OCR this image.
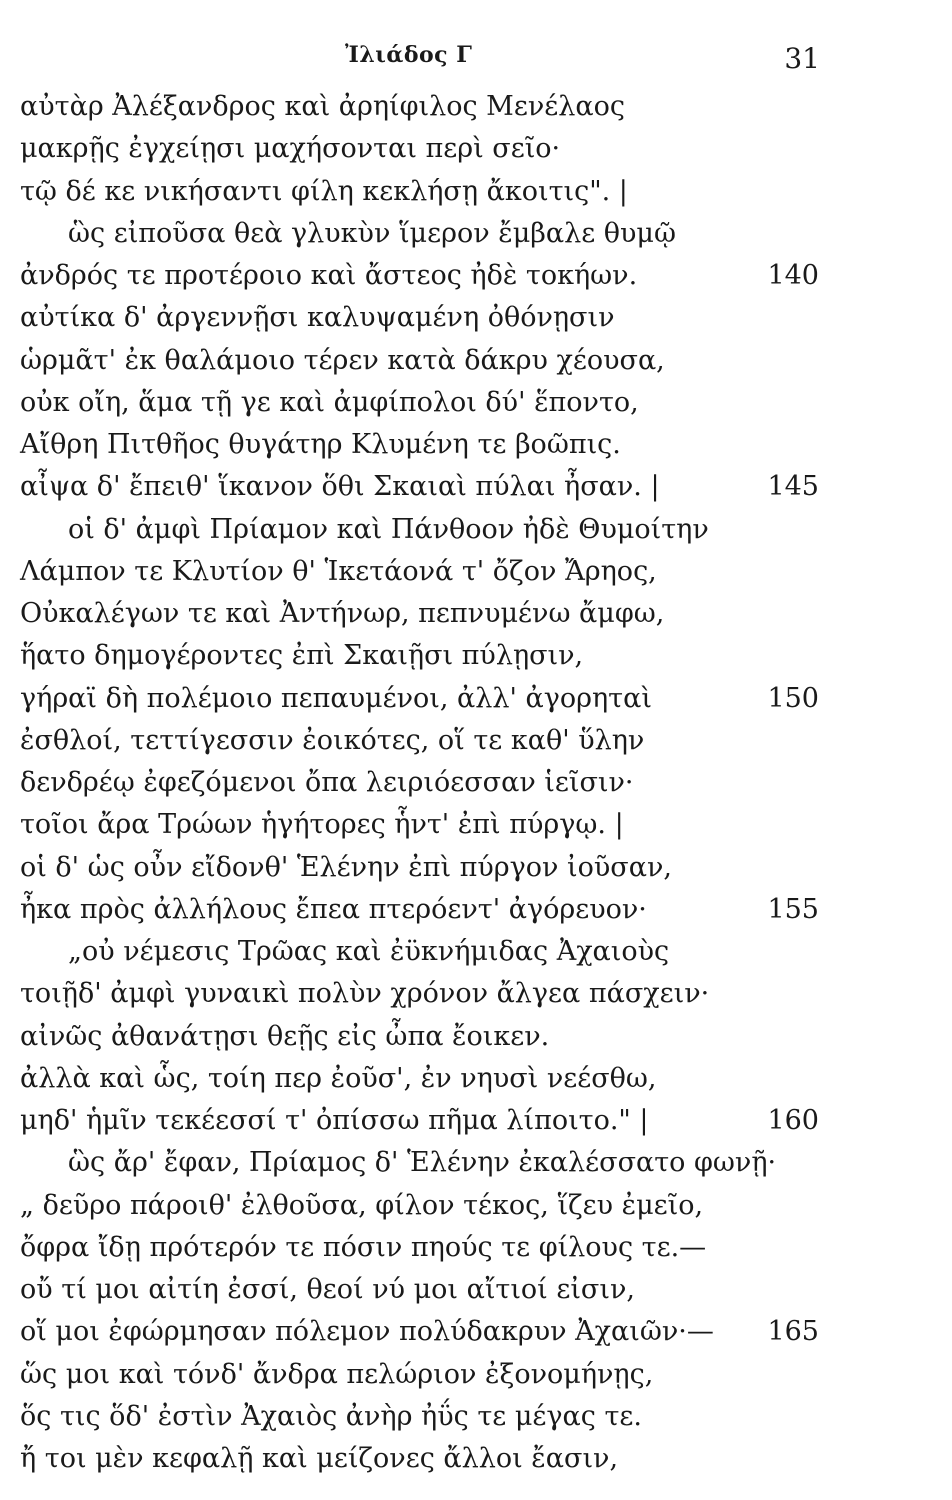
Ἰλιάδος Γ	31
αὐτὰρ Ἀλέξανδρος καὶ ἀρηίφιλος Μενέλαος
μακρῇς ἐγχείῃσι μαχήσονται περὶ σεῖο·
τῷ δέ κε νικήσαντι φίλη κεκλήσῃ ἄκοιτις". |
ὣς εἰποῦσα θεὰ γλυκὺν ἵμερον ἔμβαλε θυμῷ
ἀνδρός τε προτέροιο καὶ ἄστεος ἠδὲ τοκήων.	140
αὐτίκα δ' ἀργεννῇσι καλυψαμένη ὀθόνῃσιν
ὡρμᾶτ' ἐκ θαλάμοιο τέρεν κατὰ δάκρυ χέουσα,
οὐκ οἴη, ἅμα τῇ γε καὶ ἀμφίπολοι δύ' ἕποντο,
Αἴθρη Πιτθῆος θυγάτηρ Κλυμένη τε βοῶπις.
αἶψα δ' ἔπειθ' ἵκανον ὅθι Σκαιαὶ πύλαι ἦσαν. |	145
οἱ δ' ἀμφὶ Πρίαμον καὶ Πάνθοον ἠδὲ Θυμοίτην
Λάμπον τε Κλυτίον θ' Ἱκετάονά τ' ὄζον Ἄρηος,
Οὐκαλέγων τε καὶ Ἀντήνωρ, πεπνυμένω ἄμφω,
ἥατο δημογέροντες ἐπὶ Σκαιῇσι πύλῃσιν,
γήραϊ δὴ πολέμοιο πεπαυμένοι, ἀλλ' ἀγορηταὶ	150
ἐσθλοί, τεττίγεσσιν ἐοικότες, οἵ τε καθ' ὕλην
δενδρέῳ ἐφεζόμενοι ὄπα λειριόεσσαν ἱεῖσιν·
τοῖοι ἄρα Τρώων ἡγήτορες ἧντ' ἐπὶ πύργῳ. |
οἱ δ' ὡς οὖν εἴδονθ' Ἑλένην ἐπὶ πύργον ἰοῦσαν,
ἦκα πρὸς ἀλλήλους ἔπεα πτερόεντ' ἀγόρευον·	155
„οὐ νέμεσις Τρῶας καὶ ἐϋκνήμιδας Ἀχαιοὺς
τοιῇδ' ἀμφὶ γυναικὶ πολὺν χρόνον ἄλγεα πάσχειν·
αἰνῶς ἀθανάτῃσι θεῇς εἰς ὦπα ἔοικεν.
ἀλλὰ καὶ ὧς, τοίη περ ἐοῦσ', ἐν νηυσὶ νεέσθω,
μηδ' ἡμῖν τεκέεσσί τ' ὀπίσσω πῆμα λίποιτο." |	160
ὣς ἄρ' ἔφαν, Πρίαμος δ' Ἑλένην ἐκαλέσσατο φωνῇ·
„ δεῦρο πάροιθ' ἐλθοῦσα, φίλον τέκος, ἵζευ ἐμεῖο,
ὄφρα ἴδῃ πρότερόν τε πόσιν πηούς τε φίλους τε.—
οὔ τί μοι αἰτίη ἐσσί, θεοί νύ μοι αἴτιοί εἰσιν,
οἵ μοι ἐφώρμησαν πόλεμον πολύδακρυν Ἀχαιῶν·— 165
ὥς μοι καὶ τόνδ' ἄνδρα πελώριον ἐξονομήνῃς,
ὅς τις ὅδ' ἐστὶν Ἀχαιὸς ἀνὴρ ἠΰς τε μέγας τε.
ἤ τοι μὲν κεφαλῇ καὶ μείζονες ἄλλοι ἔασιν,
